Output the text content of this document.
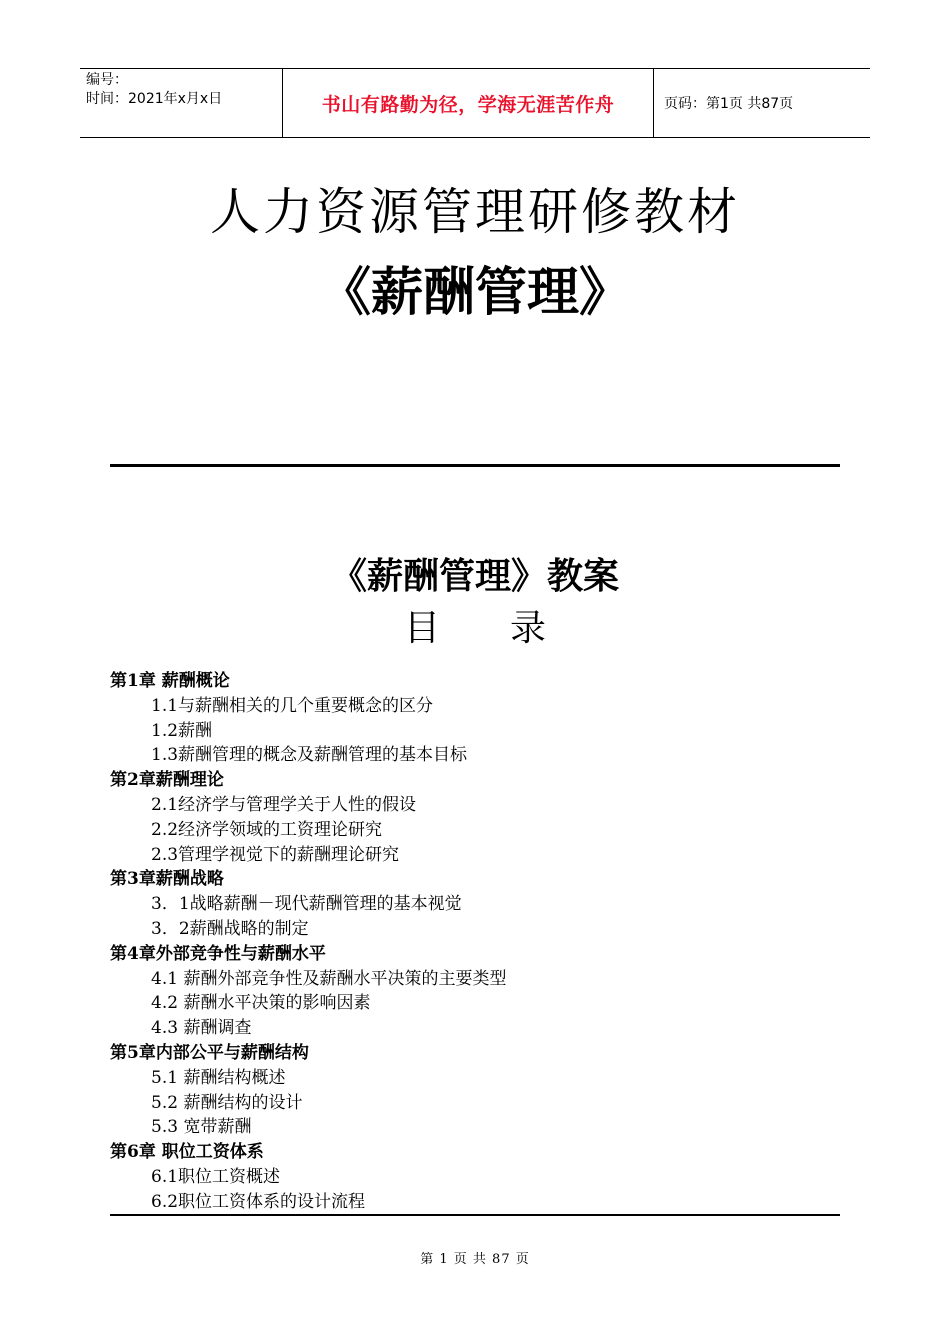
编号：
时间：2021年x月x日	书山有路勤为径，学海无涯苦作舟	页码：第1页 共87页
人力资源管理研修教材
《薪酬管理》
《薪酬管理》教案
目录
第1章 薪酬概论
1.1与薪酬相关的几个重要概念的区分
1.2薪酬
1.3薪酬管理的概念及薪酬管理的基本目标
第2章薪酬理论
2.1经济学与管理学关于人性的假设
2.2经济学领域的工资理论研究
2.3管理学视觉下的薪酬理论研究
第3章薪酬战略
3．1战略薪酬－现代薪酬管理的基本视觉
3．2薪酬战略的制定
第4章外部竞争性与薪酬水平
4.1 薪酬外部竞争性及薪酬水平决策的主要类型
4.2 薪酬水平决策的影响因素
4.3 薪酬调查
第5章内部公平与薪酬结构
5.1 薪酬结构概述
5.2 薪酬结构的设计
5.3 宽带薪酬
第6章 职位工资体系
6.1职位工资概述
6.2职位工资体系的设计流程
第 1 页 共 87 页
